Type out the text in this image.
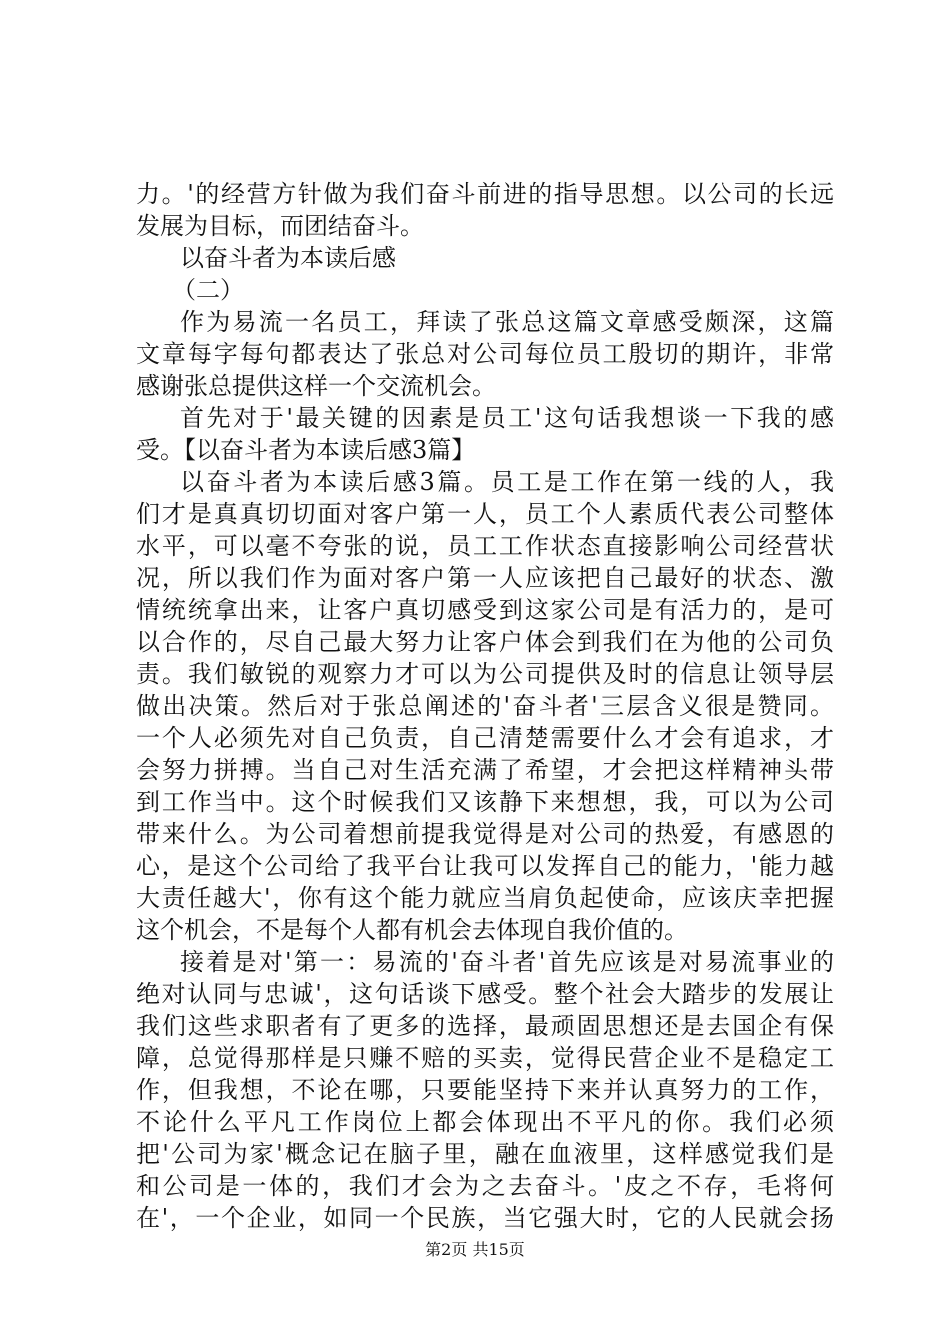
力。'的经营方针做为我们奋斗前进的指导思想。以公司的长远
发展为目标，而团结奋斗。
以奋斗者为本读后感
（二）
作为易流一名员工，拜读了张总这篇文章感受颇深，这篇
文章每字每句都表达了张总对公司每位员工殷切的期许，非常
感谢张总提供这样一个交流机会。
首先对于'最关键的因素是员工'这句话我想谈一下我的感
受。【以奋斗者为本读后感3篇】
以奋斗者为本读后感3篇。员工是工作在第一线的人，我
们才是真真切切面对客户第一人，员工个人素质代表公司整体
水平，可以毫不夸张的说，员工工作状态直接影响公司经营状
况，所以我们作为面对客户第一人应该把自己最好的状态、激
情统统拿出来，让客户真切感受到这家公司是有活力的，是可
以合作的，尽自己最大努力让客户体会到我们在为他的公司负
责。我们敏锐的观察力才可以为公司提供及时的信息让领导层
做出决策。然后对于张总阐述的'奋斗者'三层含义很是赞同。
一个人必须先对自己负责，自己清楚需要什么才会有追求，才
会努力拼搏。当自己对生活充满了希望，才会把这样精神头带
到工作当中。这个时候我们又该静下来想想，我，可以为公司
带来什么。为公司着想前提我觉得是对公司的热爱，有感恩的
心，是这个公司给了我平台让我可以发挥自己的能力，'能力越
大责任越大'，你有这个能力就应当肩负起使命，应该庆幸把握
这个机会，不是每个人都有机会去体现自我价值的。
接着是对'第一：易流的'奋斗者'首先应该是对易流事业的
绝对认同与忠诚'，这句话谈下感受。整个社会大踏步的发展让
我们这些求职者有了更多的选择，最顽固思想还是去国企有保
障，总觉得那样是只赚不赔的买卖，觉得民营企业不是稳定工
作，但我想，不论在哪，只要能坚持下来并认真努力的工作，
不论什么平凡工作岗位上都会体现出不平凡的你。我们必须
把'公司为家'概念记在脑子里，融在血液里，这样感觉我们是
和公司是一体的，我们才会为之去奋斗。'皮之不存，毛将何
在'，一个企业，如同一个民族，当它强大时，它的人民就会扬
第2页 共15页
